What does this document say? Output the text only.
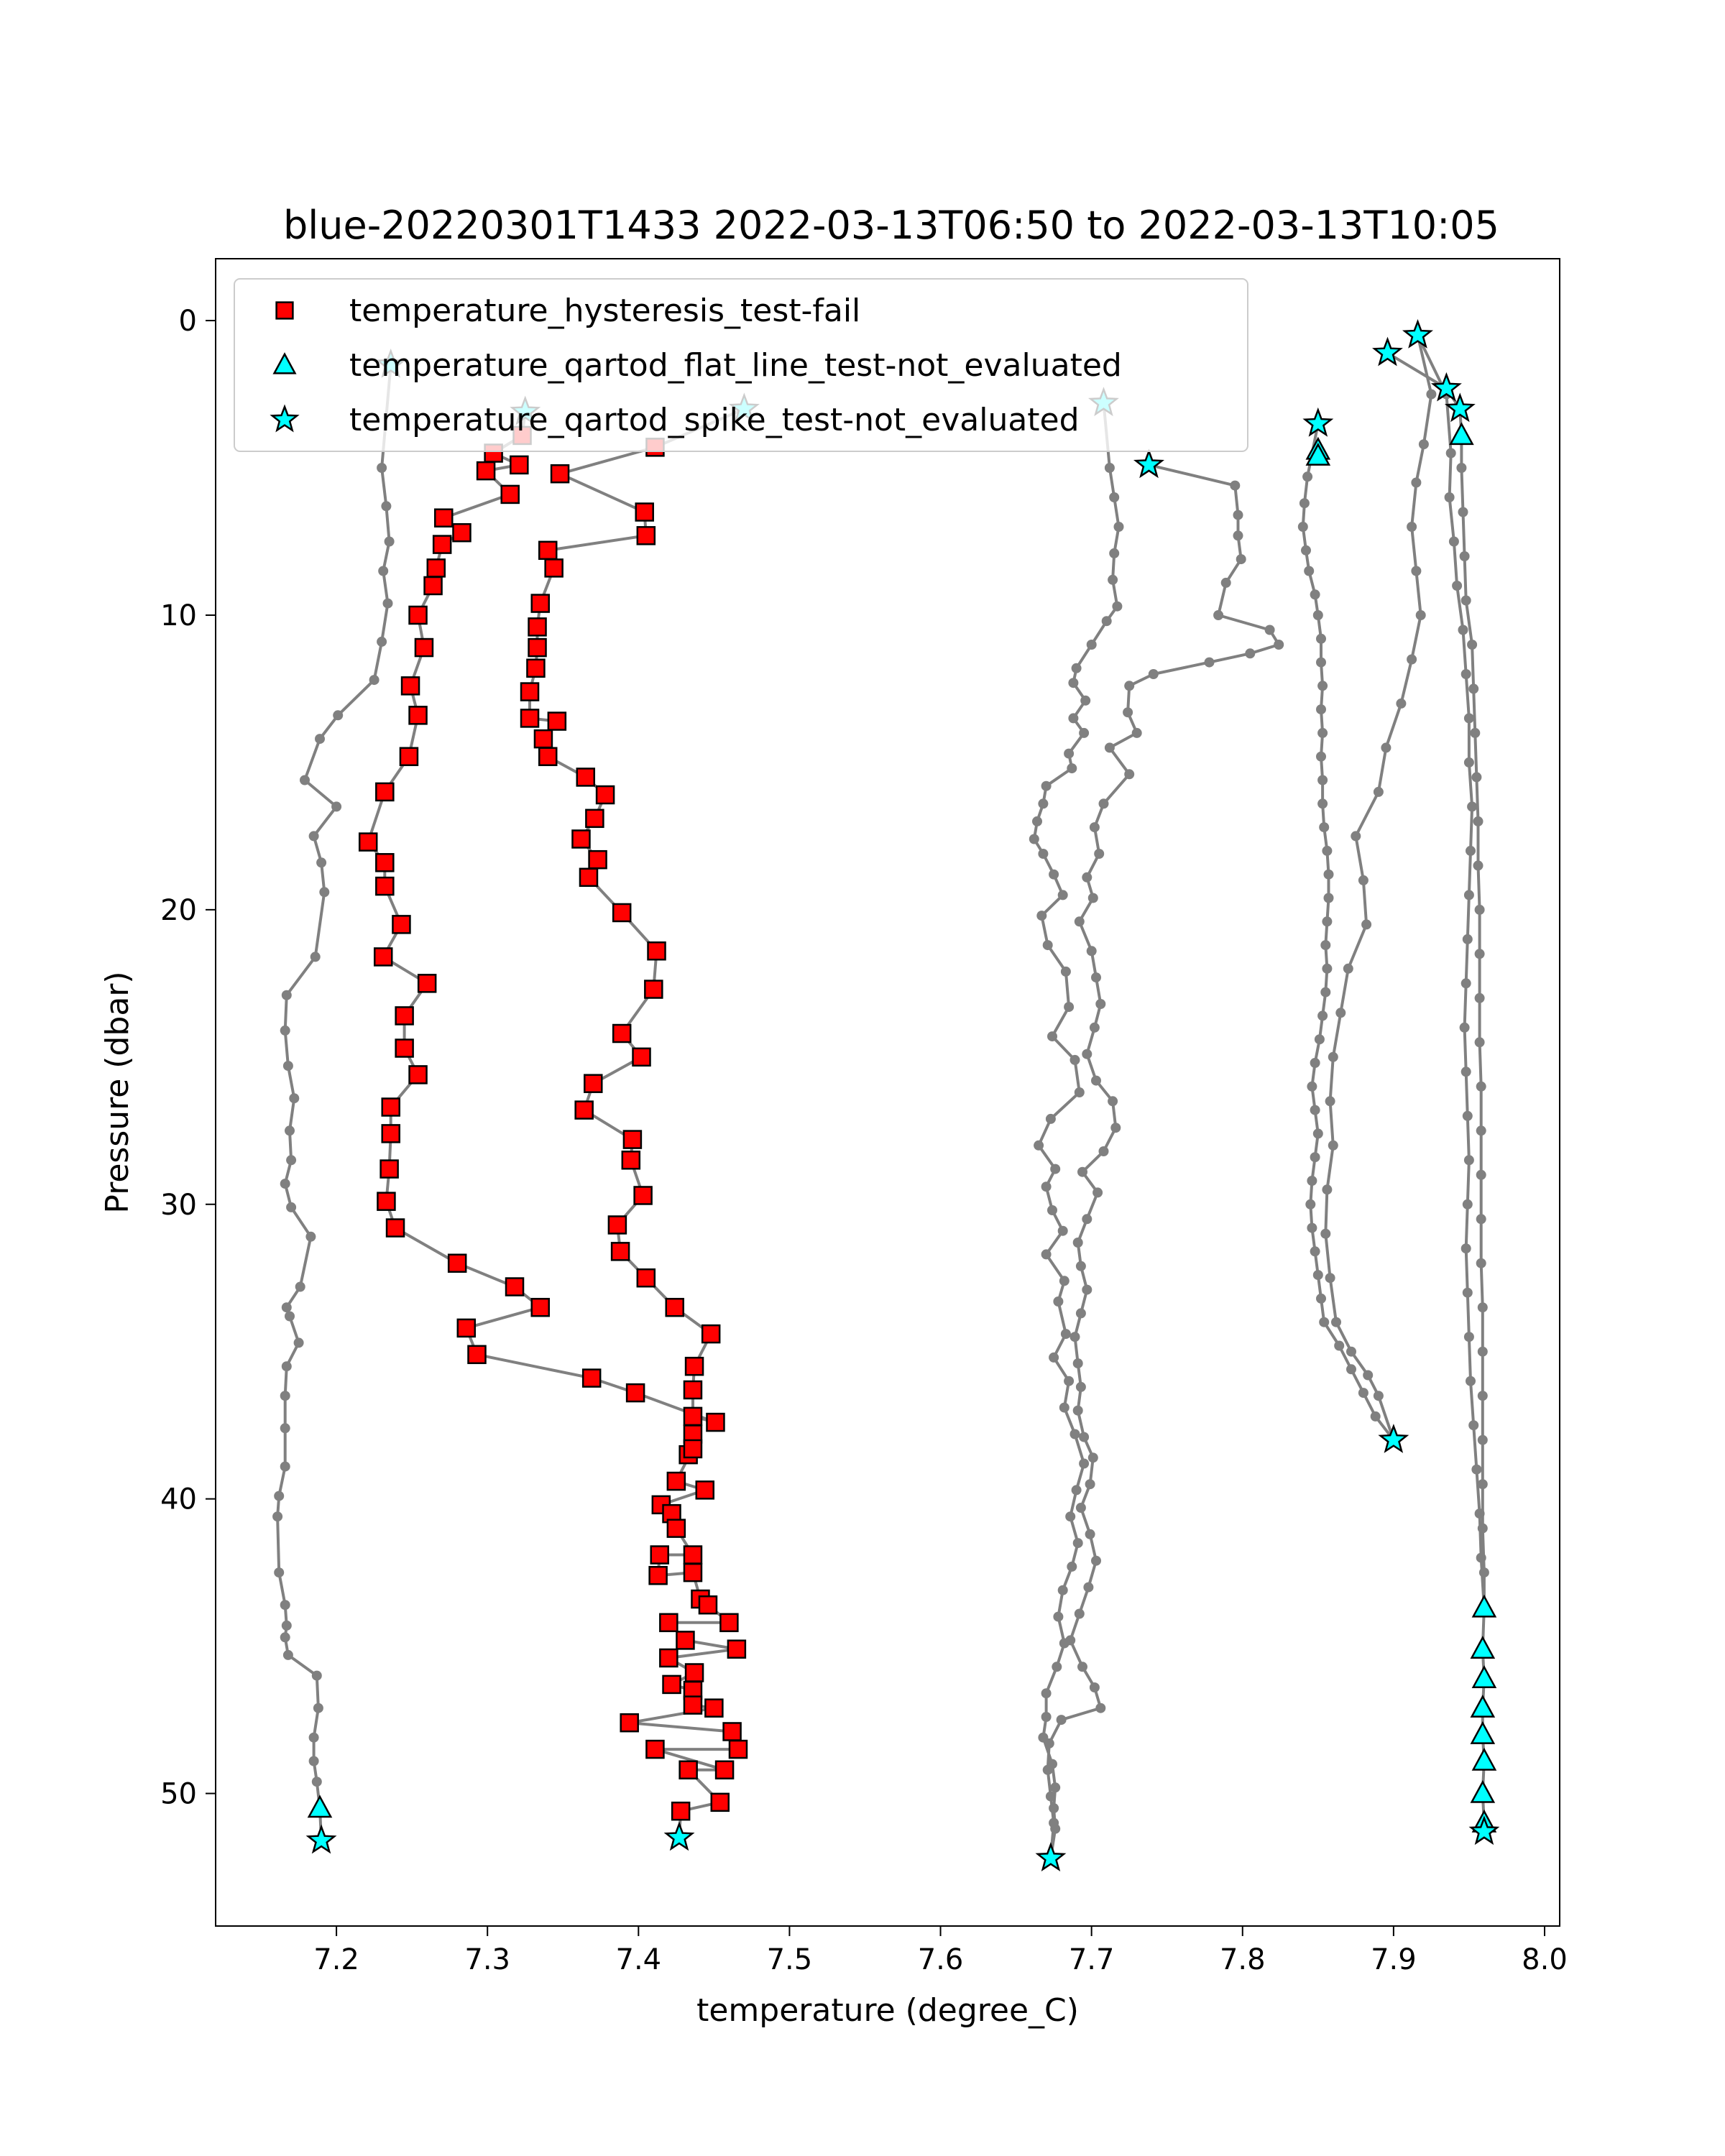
blue-20220301T1433 2022-03-13T06:50 to 2022-03-13T10:05
7.2	7.3	7.4	7.5	7.6	7.7	7.8	7.9	8.0
0
10
20
30
40
50
temperature (degree_C)
Pressure (dbar)
temperature_hysteresis_test-fail
temperature_qartod_flat_line_test-not_evaluated
temperature_qartod_spike_test-not_evaluated
